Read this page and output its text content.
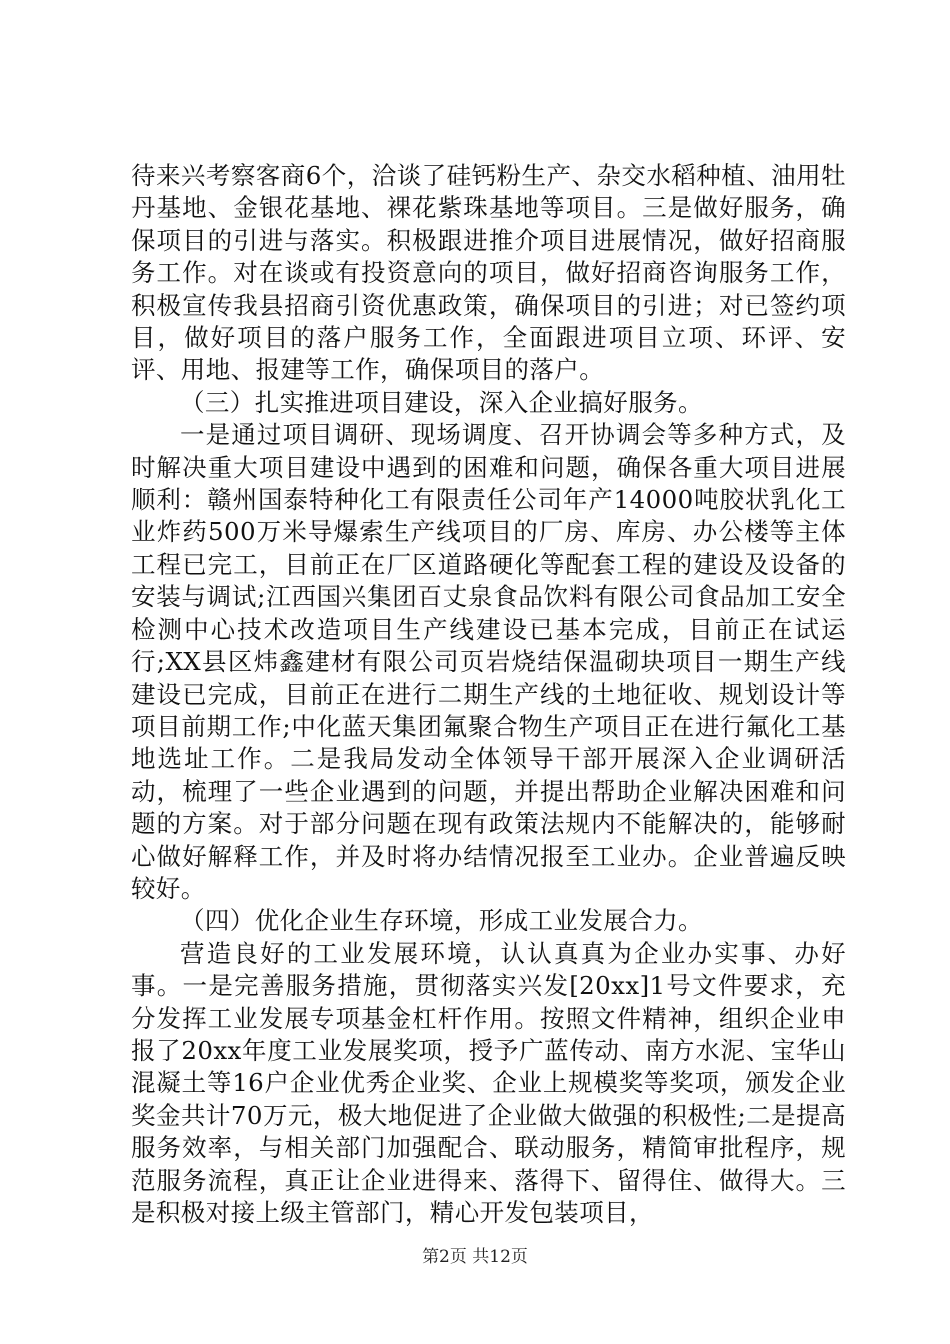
待来兴考察客商6个，洽谈了硅钙粉生产、杂交水稻种植、油用牡丹基地、金银花基地、裸花紫珠基地等项目。三是做好服务，确保项目的引进与落实。积极跟进推介项目进展情况，做好招商服务工作。对在谈或有投资意向的项目，做好招商咨询服务工作，积极宣传我县招商引资优惠政策，确保项目的引进；对已签约项目，做好项目的落户服务工作，全面跟进项目立项、环评、安评、用地、报建等工作，确保项目的落户。

（三）扎实推进项目建设，深入企业搞好服务。

一是通过项目调研、现场调度、召开协调会等多种方式，及时解决重大项目建设中遇到的困难和问题，确保各重大项目进展顺利：赣州国泰特种化工有限责任公司年产14000吨胶状乳化工业炸药500万米导爆索生产线项目的厂房、库房、办公楼等主体工程已完工，目前正在厂区道路硬化等配套工程的建设及设备的安装与调试;江西国兴集团百丈泉食品饮料有限公司食品加工安全检测中心技术改造项目生产线建设已基本完成，目前正在试运行;XX县区炜鑫建材有限公司页岩烧结保温砌块项目一期生产线建设已完成，目前正在进行二期生产线的土地征收、规划设计等项目前期工作;中化蓝天集团氟聚合物生产项目正在进行氟化工基地选址工作。二是我局发动全体领导干部开展深入企业调研活动，梳理了一些企业遇到的问题，并提出帮助企业解决困难和问题的方案。对于部分问题在现有政策法规内不能解决的，能够耐心做好解释工作，并及时将办结情况报至工业办。企业普遍反映较好。

（四）优化企业生存环境，形成工业发展合力。

营造良好的工业发展环境，认认真真为企业办实事、办好事。一是完善服务措施，贯彻落实兴发[20xx]1号文件要求，充分发挥工业发展专项基金杠杆作用。按照文件精神，组织企业申报了20xx年度工业发展奖项，授予广蓝传动、南方水泥、宝华山混凝土等16户企业优秀企业奖、企业上规模奖等奖项，颁发企业奖金共计70万元，极大地促进了企业做大做强的积极性;二是提高服务效率，与相关部门加强配合、联动服务，精简审批程序，规范服务流程，真正让企业进得来、落得下、留得住、做得大。三是积极对接上级主管部门，精心开发包装项目，

第2页 共12页
